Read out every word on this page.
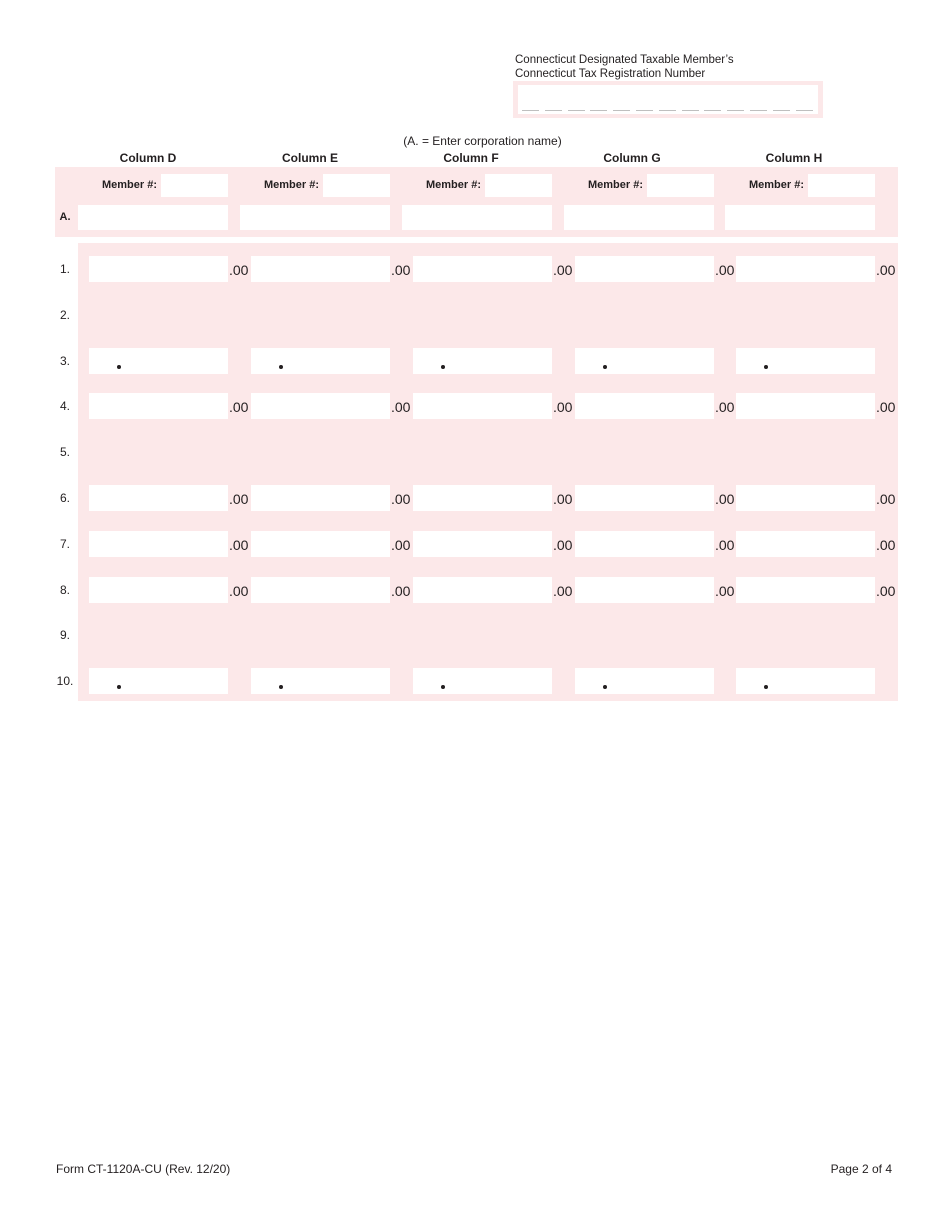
Connecticut Designated Taxable Member’s
Connecticut Tax Registration Number
(A. = Enter corporation name)
Column D	Column E	Column F	Column G	Column H
A.
Member #:	Member #:	Member #:	Member #:	Member #:
1.	.00	.00	.00	.00	.00
2.
3.
4.	.00	.00	.00	.00	.00
5.
6.	.00	.00	.00	.00	.00
7.	.00	.00	.00	.00	.00
8.	.00	.00	.00	.00	.00
9.
10.
Form CT-1120A-CU (Rev. 12/20)	Page 2 of 4
